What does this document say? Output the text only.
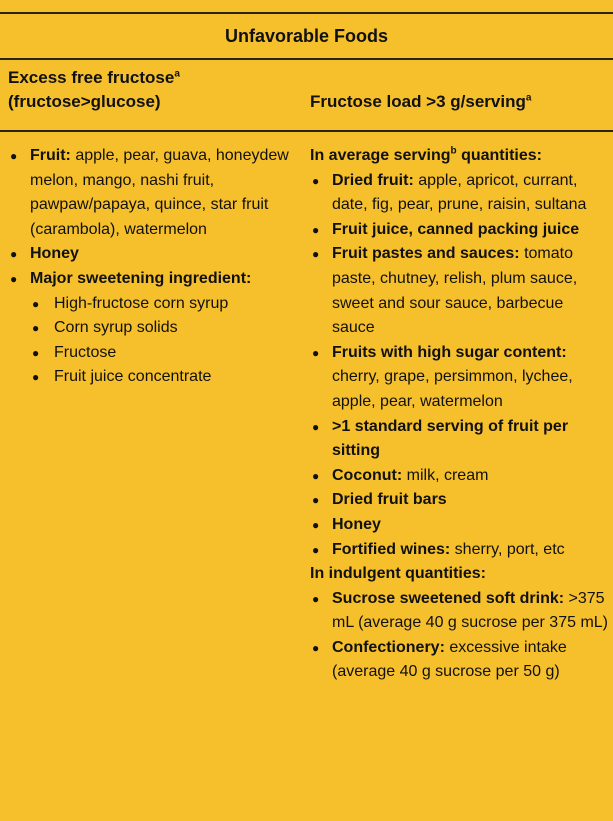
Unfavorable Foods
Excess free fructose$^a$
(fructose>glucose)	Fructose load >3 g/serving$^a$
● Fruit: apple, pear, guava, honeydew melon, mango, nashi fruit, pawpaw/papaya, quince, star fruit (carambola), watermelon
● Honey
● Major sweetening ingredient:
● High-fructose corn syrup
● Corn syrup solids
● Fructose
● Fruit juice concentrate
In average serving$^b$ quantities:
● Dried fruit: apple, apricot, currant, date, fig, pear, prune, raisin, sultana
● Fruit juice, canned packing juice
● Fruit pastes and sauces: tomato paste, chutney, relish, plum sauce, sweet and sour sauce, barbecue sauce
● Fruits with high sugar content: cherry, grape, persimmon, lychee, apple, pear, watermelon
● >1 standard serving of fruit per sitting
● Coconut: milk, cream
● Dried fruit bars
● Honey
● Fortified wines: sherry, port, etc
In indulgent quantities:
● Sucrose sweetened soft drink: >375 mL (average 40 g sucrose per 375 mL)
● Confectionery: excessive intake (average 40 g sucrose per 50 g)
